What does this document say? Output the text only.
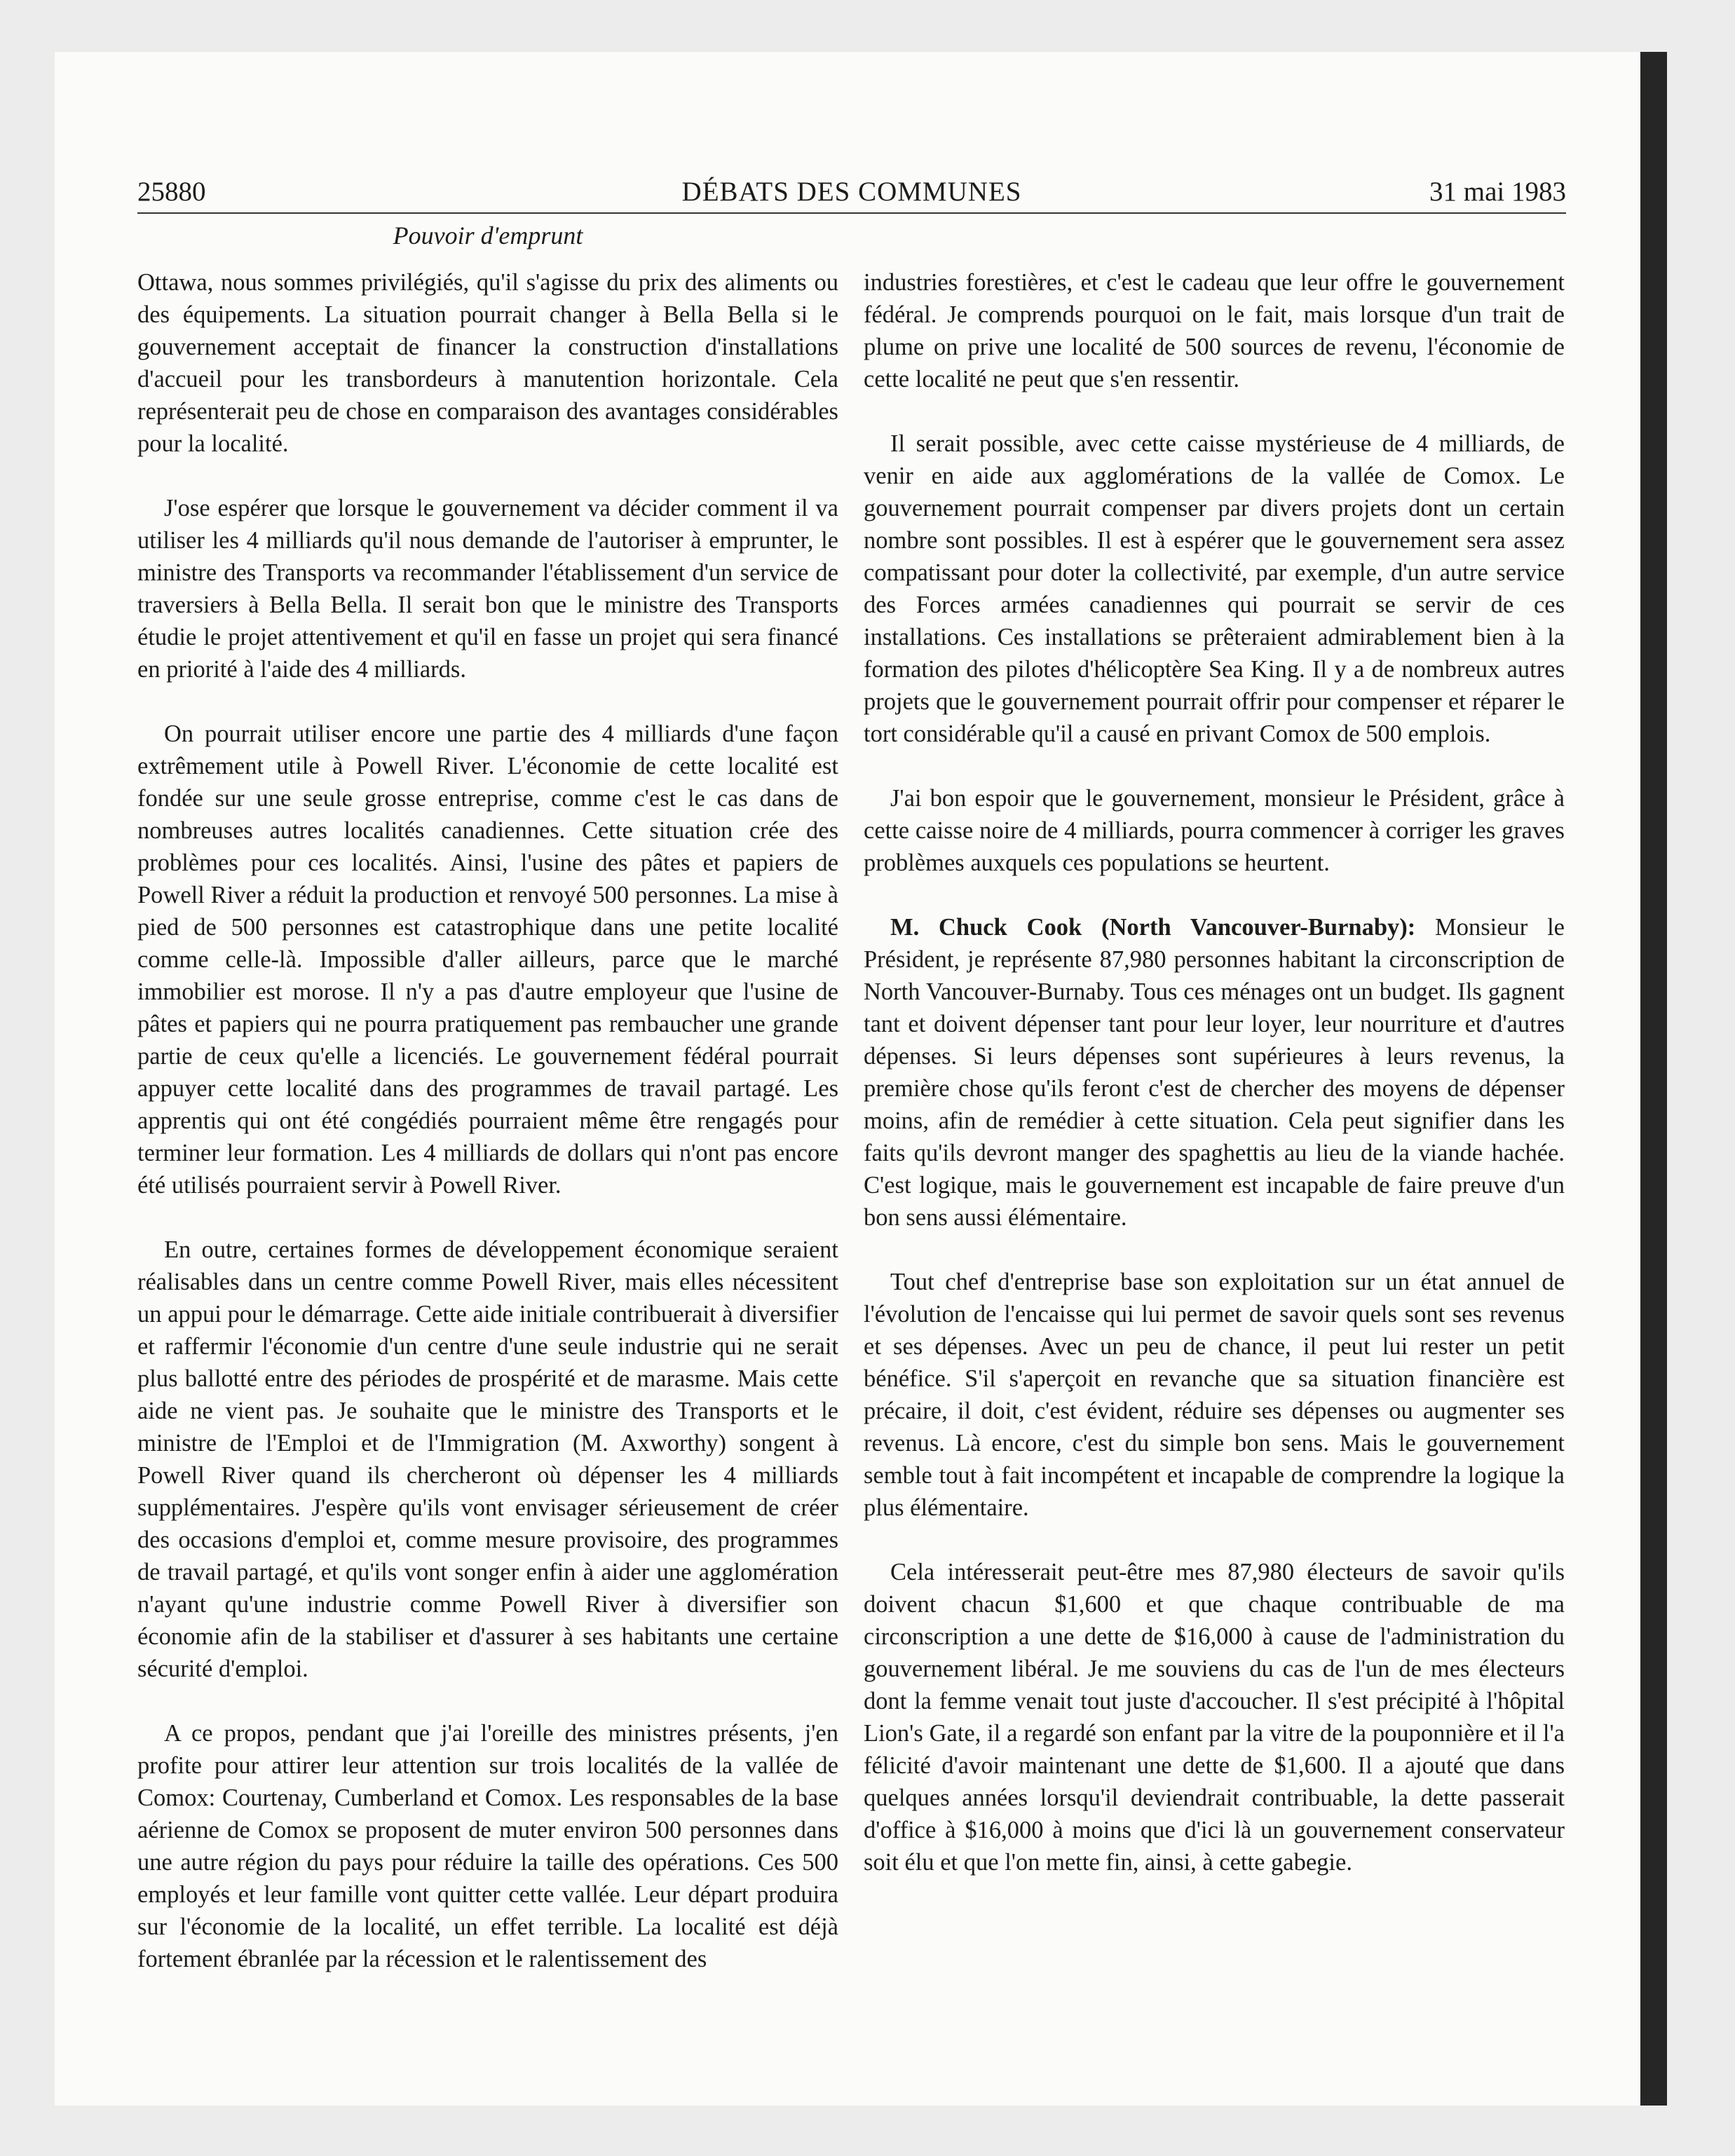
25880	DÉBATS DES COMMUNES	31 mai 1983
Pouvoir d'emprunt

Ottawa, nous sommes privilégiés, qu'il s'agisse du prix des aliments ou des équipements. La situation pourrait changer à Bella Bella si le gouvernement acceptait de financer la construction d'installations d'accueil pour les transbordeurs à manutention horizontale. Cela représenterait peu de chose en comparaison des avantages considérables pour la localité.

J'ose espérer que lorsque le gouvernement va décider comment il va utiliser les 4 milliards qu'il nous demande de l'autoriser à emprunter, le ministre des Transports va recommander l'établissement d'un service de traversiers à Bella Bella. Il serait bon que le ministre des Transports étudie le projet attentivement et qu'il en fasse un projet qui sera financé en priorité à l'aide des 4 milliards.

On pourrait utiliser encore une partie des 4 milliards d'une façon extrêmement utile à Powell River. L'économie de cette localité est fondée sur une seule grosse entreprise, comme c'est le cas dans de nombreuses autres localités canadiennes. Cette situation crée des problèmes pour ces localités. Ainsi, l'usine des pâtes et papiers de Powell River a réduit la production et renvoyé 500 personnes. La mise à pied de 500 personnes est catastrophique dans une petite localité comme celle-là. Impossible d'aller ailleurs, parce que le marché immobilier est morose. Il n'y a pas d'autre employeur que l'usine de pâtes et papiers qui ne pourra pratiquement pas rembaucher une grande partie de ceux qu'elle a licenciés. Le gouvernement fédéral pourrait appuyer cette localité dans des programmes de travail partagé. Les apprentis qui ont été congédiés pourraient même être rengagés pour terminer leur formation. Les 4 milliards de dollars qui n'ont pas encore été utilisés pourraient servir à Powell River.

En outre, certaines formes de développement économique seraient réalisables dans un centre comme Powell River, mais elles nécessitent un appui pour le démarrage. Cette aide initiale contribuerait à diversifier et raffermir l'économie d'un centre d'une seule industrie qui ne serait plus ballotté entre des périodes de prospérité et de marasme. Mais cette aide ne vient pas. Je souhaite que le ministre des Transports et le ministre de l'Emploi et de l'Immigration (M. Axworthy) songent à Powell River quand ils chercheront où dépenser les 4 milliards supplémentaires. J'espère qu'ils vont envisager sérieusement de créer des occasions d'emploi et, comme mesure provisoire, des programmes de travail partagé, et qu'ils vont songer enfin à aider une agglomération n'ayant qu'une industrie comme Powell River à diversifier son économie afin de la stabiliser et d'assurer à ses habitants une certaine sécurité d'emploi.

A ce propos, pendant que j'ai l'oreille des ministres présents, j'en profite pour attirer leur attention sur trois localités de la vallée de Comox: Courtenay, Cumberland et Comox. Les responsables de la base aérienne de Comox se proposent de muter environ 500 personnes dans une autre région du pays pour réduire la taille des opérations. Ces 500 employés et leur famille vont quitter cette vallée. Leur départ produira sur l'économie de la localité, un effet terrible. La localité est déjà fortement ébranlée par la récession et le ralentissement des

industries forestières, et c'est le cadeau que leur offre le gouvernement fédéral. Je comprends pourquoi on le fait, mais lorsque d'un trait de plume on prive une localité de 500 sources de revenu, l'économie de cette localité ne peut que s'en ressentir.

Il serait possible, avec cette caisse mystérieuse de 4 milliards, de venir en aide aux agglomérations de la vallée de Comox. Le gouvernement pourrait compenser par divers projets dont un certain nombre sont possibles. Il est à espérer que le gouvernement sera assez compatissant pour doter la collectivité, par exemple, d'un autre service des Forces armées canadiennes qui pourrait se servir de ces installations. Ces installations se prêteraient admirablement bien à la formation des pilotes d'hélicoptère Sea King. Il y a de nombreux autres projets que le gouvernement pourrait offrir pour compenser et réparer le tort considérable qu'il a causé en privant Comox de 500 emplois.

J'ai bon espoir que le gouvernement, monsieur le Président, grâce à cette caisse noire de 4 milliards, pourra commencer à corriger les graves problèmes auxquels ces populations se heurtent.

M. Chuck Cook (North Vancouver-Burnaby): Monsieur le Président, je représente 87,980 personnes habitant la circonscription de North Vancouver-Burnaby. Tous ces ménages ont un budget. Ils gagnent tant et doivent dépenser tant pour leur loyer, leur nourriture et d'autres dépenses. Si leurs dépenses sont supérieures à leurs revenus, la première chose qu'ils feront c'est de chercher des moyens de dépenser moins, afin de remédier à cette situation. Cela peut signifier dans les faits qu'ils devront manger des spaghettis au lieu de la viande hachée. C'est logique, mais le gouvernement est incapable de faire preuve d'un bon sens aussi élémentaire.

Tout chef d'entreprise base son exploitation sur un état annuel de l'évolution de l'encaisse qui lui permet de savoir quels sont ses revenus et ses dépenses. Avec un peu de chance, il peut lui rester un petit bénéfice. S'il s'aperçoit en revanche que sa situation financière est précaire, il doit, c'est évident, réduire ses dépenses ou augmenter ses revenus. Là encore, c'est du simple bon sens. Mais le gouvernement semble tout à fait incompétent et incapable de comprendre la logique la plus élémentaire.

Cela intéresserait peut-être mes 87,980 électeurs de savoir qu'ils doivent chacun $1,600 et que chaque contribuable de ma circonscription a une dette de $16,000 à cause de l'administration du gouvernement libéral. Je me souviens du cas de l'un de mes électeurs dont la femme venait tout juste d'accoucher. Il s'est précipité à l'hôpital Lion's Gate, il a regardé son enfant par la vitre de la pouponnière et il l'a félicité d'avoir maintenant une dette de $1,600. Il a ajouté que dans quelques années lorsqu'il deviendrait contribuable, la dette passerait d'office à $16,000 à moins que d'ici là un gouvernement conservateur soit élu et que l'on mette fin, ainsi, à cette gabegie.
